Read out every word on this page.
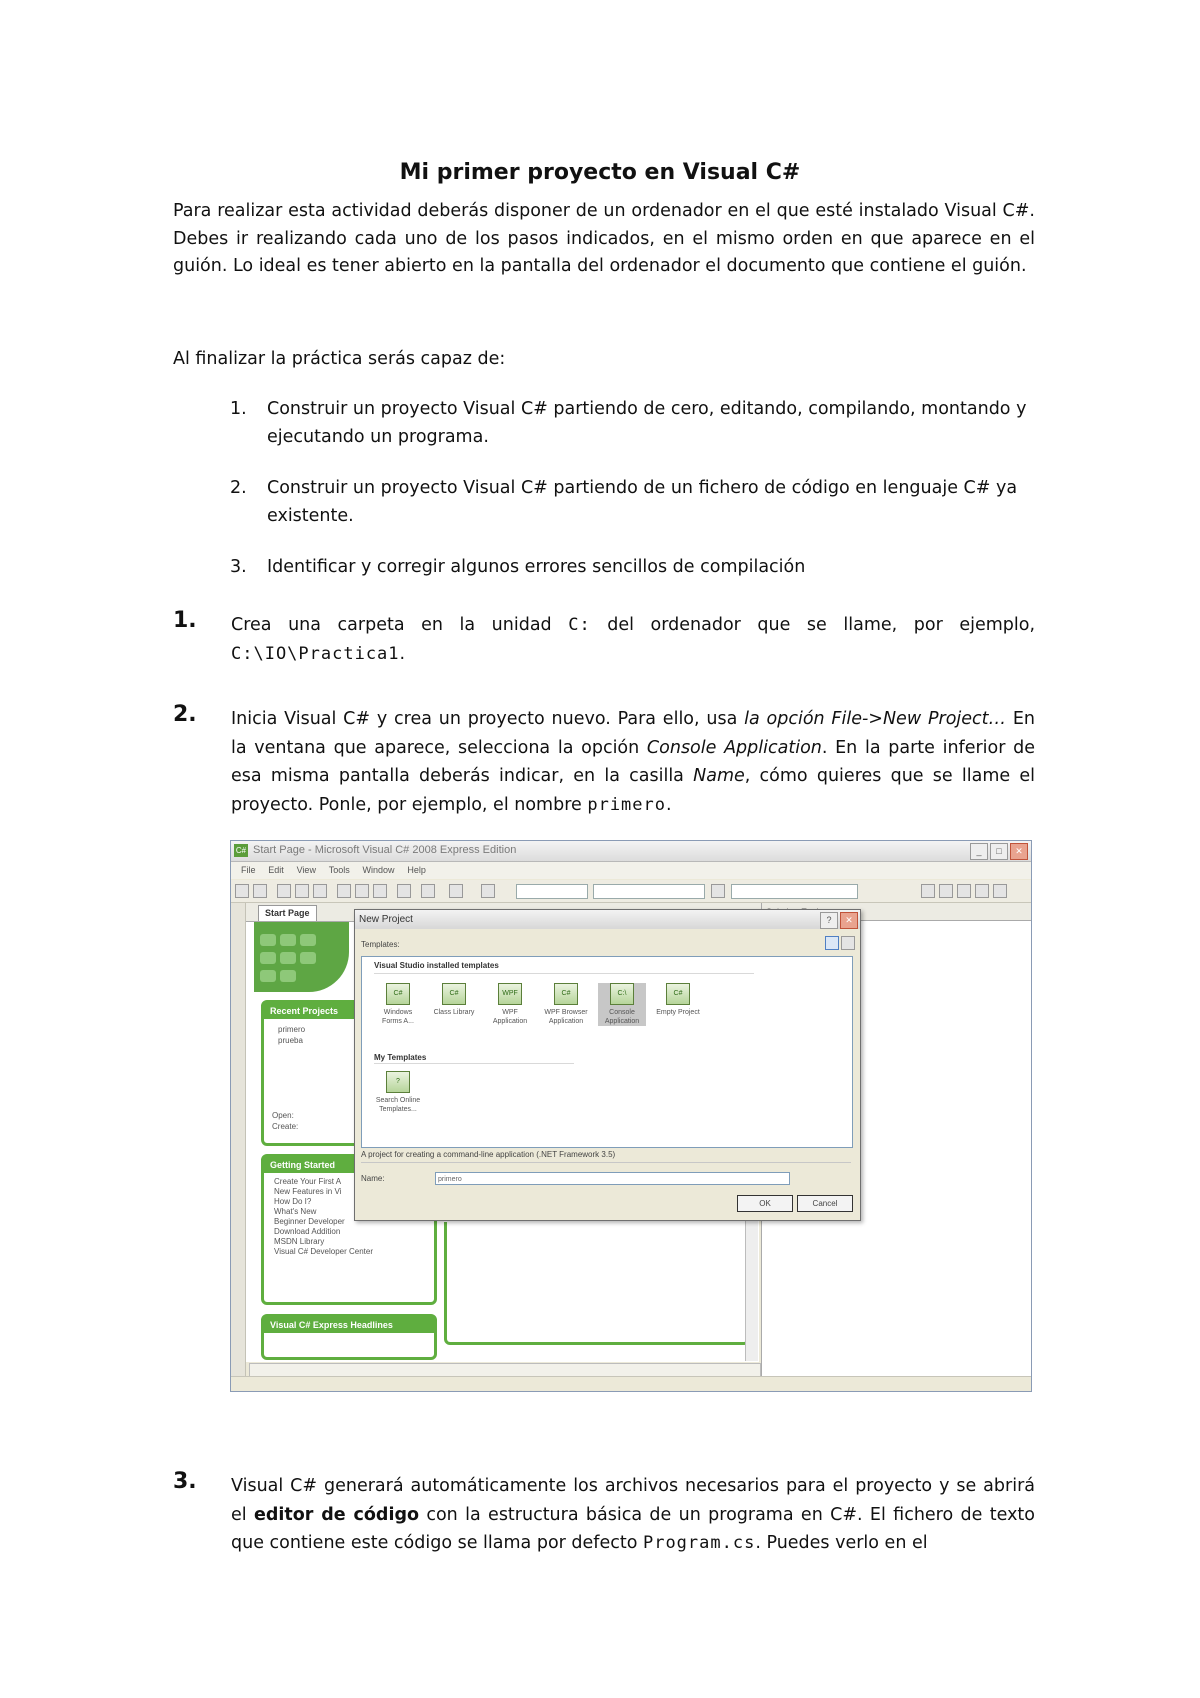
Mi primer proyecto en Visual C#
Para realizar esta actividad deberás disponer de un ordenador en el que esté instalado Visual C#. Debes ir realizando cada uno de los pasos indicados, en el mismo orden en que aparece en el guión. Lo ideal es tener abierto en la pantalla del ordenador el documento que contiene el guión.
Al finalizar la práctica serás capaz de:
1. Construir un proyecto Visual C# partiendo de cero, editando, compilando, montando y ejecutando un programa.
2. Construir un proyecto Visual C# partiendo de un fichero de código en lenguaje C# ya existente.
3. Identificar y corregir algunos errores sencillos de compilación
1. Crea una carpeta en la unidad C: del ordenador que se llame, por ejemplo, C:\IO\Practica1.
2. Inicia Visual C# y crea un proyecto nuevo. Para ello, usa la opción File->New Project… En la ventana que aparece, selecciona la opción Console Application. En la parte inferior de esa misma pantalla deberás indicar, en la casilla Name, cómo quieres que se llame el proyecto. Ponle, por ejemplo, el nombre primero.
C# Start Page - Microsoft Visual C# 2008 Express Edition	_ □ ✕
File Edit View Tools Window Help
Start Page
Recent Projects
primero
prueba
Open:
Create:
Getting Started
Create Your First A
New Features in Vi
How Do I?
What's New
Beginner Developer
Download Addition
MSDN Library
Visual C# Developer Center
Visual C# Express Headlines
New Project	? ✕
Templates:
Visual Studio installed templates
C#
Windows Forms A...
C#
Class Library
WPF
WPF Application
C#
WPF Browser Application
C:\
Console Application
C#
Empty Project
My Templates
?
Search Online Templates...
A project for creating a command-line application (.NET Framework 3.5)
Name:	primero
OK	Cancel
3. Visual C# generará automáticamente los archivos necesarios para el proyecto y se abrirá el editor de código con la estructura básica de un programa en C#. El fichero de texto que contiene este código se llama por defecto Program.cs. Puedes verlo en el
